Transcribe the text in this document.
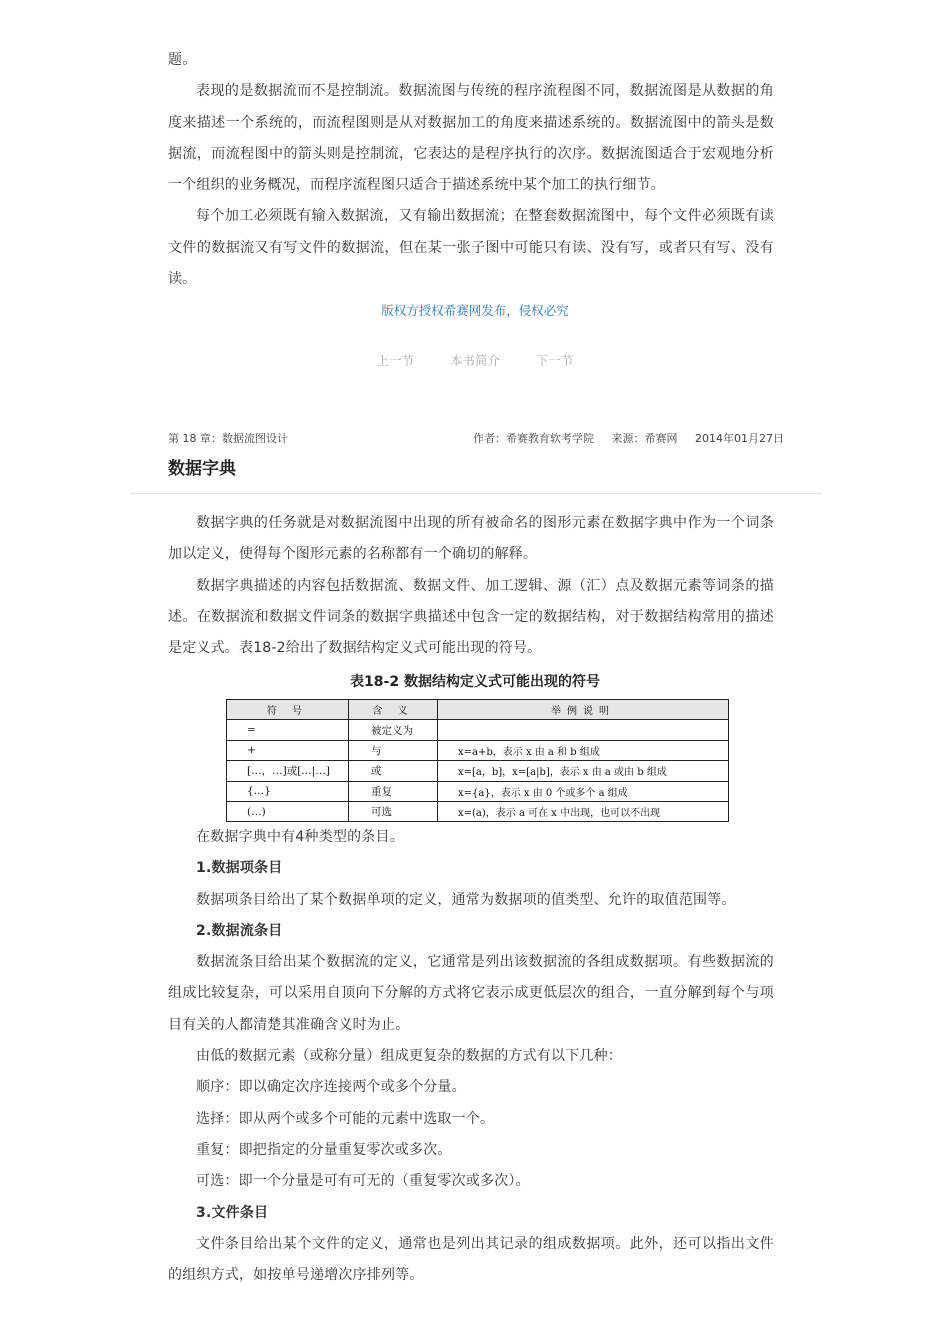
题。

表现的是数据流而不是控制流。数据流图与传统的程序流程图不同，数据流图是从数据的角度来描述一个系统的，而流程图则是从对数据加工的角度来描述系统的。数据流图中的箭头是数据流，而流程图中的箭头则是控制流，它表达的是程序执行的次序。数据流图适合于宏观地分析一个组织的业务概况，而程序流程图只适合于描述系统中某个加工的执行细节。

每个加工必须既有输入数据流，又有输出数据流；在整套数据流图中，每个文件必须既有读文件的数据流又有写文件的数据流，但在某一张子图中可能只有读、没有写，或者只有写、没有读。

版权方授权希赛网发布，侵权必究
上一节	本书简介	下一节
第 18 章：数据流图设计	作者：希赛教育软考学院 来源：希赛网 2014年01月27日
数据字典

数据字典的任务就是对数据流图中出现的所有被命名的图形元素在数据字典中作为一个词条加以定义，使得每个图形元素的名称都有一个确切的解释。

数据字典描述的内容包括数据流、数据文件、加工逻辑、源（汇）点及数据元素等词条的描述。在数据流和数据文件词条的数据字典描述中包含一定的数据结构，对于数据结构常用的描述是定义式。表18-2给出了数据结构定义式可能出现的符号。

表18-2 数据结构定义式可能出现的符号
符 号	含 义	举例说明
=	被定义为	
+	与	x=a+b，表示 x 由 a 和 b 组成
[…，…]或[…|…]	或	x=[a，b]，x=[a|b]，表示 x 由 a 或由 b 组成
{…}	重复	x={a}，表示 x 由 0 个或多个 a 组成
(…)	可选	x=(a)，表示 a 可在 x 中出现，也可以不出现

在数据字典中有4种类型的条目。

1.数据项条目

数据项条目给出了某个数据单项的定义，通常为数据项的值类型、允许的取值范围等。

2.数据流条目

数据流条目给出某个数据流的定义，它通常是列出该数据流的各组成数据项。有些数据流的组成比较复杂，可以采用自顶向下分解的方式将它表示成更低层次的组合，一直分解到每个与项目有关的人都清楚其准确含义时为止。

由低的数据元素（或称分量）组成更复杂的数据的方式有以下几种：

顺序：即以确定次序连接两个或多个分量。

选择：即从两个或多个可能的元素中选取一个。

重复：即把指定的分量重复零次或多次。

可选：即一个分量是可有可无的（重复零次或多次）。

3.文件条目

文件条目给出某个文件的定义，通常也是列出其记录的组成数据项。此外，还可以指出文件的组织方式，如按单号递增次序排列等。
